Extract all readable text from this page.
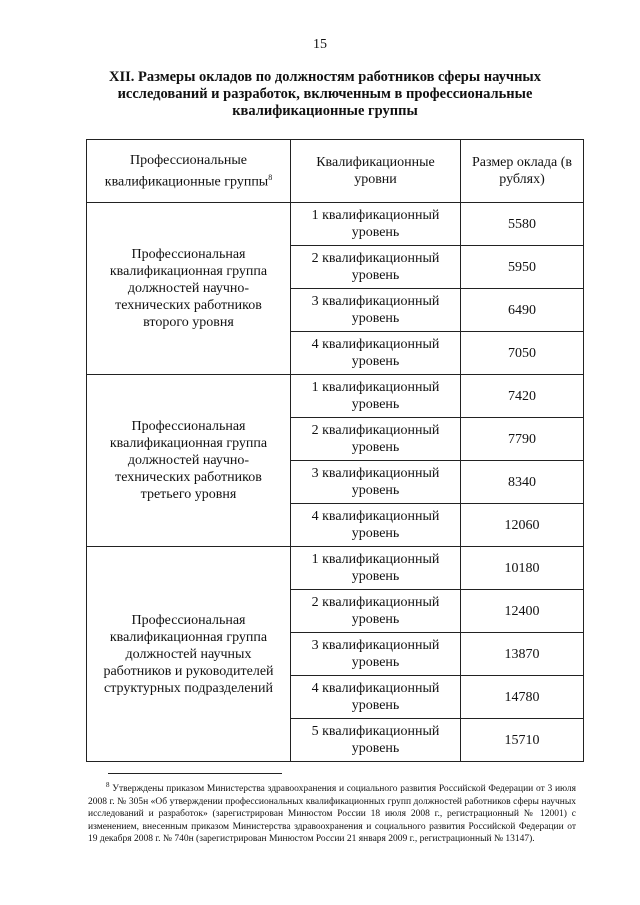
15
XII. Размеры окладов по должностям работников сферы научных исследований и разработок, включенным в профессиональные квалификационные группы
Профессиональные квалификационные группы$^8$	Квалификационные уровни	Размер оклада (в рублях)
Профессиональная квалификационная группа должностей научно-технических работников второго уровня	1 квалификационный уровень	5580
	2 квалификационный уровень	5950
	3 квалификационный уровень	6490
	4 квалификационный уровень	7050
Профессиональная квалификационная группа должностей научно-технических работников третьего уровня	1 квалификационный уровень	7420
	2 квалификационный уровень	7790
	3 квалификационный уровень	8340
	4 квалификационный уровень	12060
Профессиональная квалификационная группа должностей научных работников и руководителей структурных подразделений	1 квалификационный уровень	10180
	2 квалификационный уровень	12400
	3 квалификационный уровень	13870
	4 квалификационный уровень	14780
	5 квалификационный уровень	15710
$^8$ Утверждены приказом Министерства здравоохранения и социального развития Российской Федерации от 3 июля 2008 г. № 305н «Об утверждении профессиональных квалификационных групп должностей работников сферы научных исследований и разработок» (зарегистрирован Минюстом России 18 июля 2008 г., регистрационный № 12001) с изменением, внесенным приказом Министерства здравоохранения и социального развития Российской Федерации от 19 декабря 2008 г. № 740н (зарегистрирован Минюстом России 21 января 2009 г., регистрационный № 13147).
